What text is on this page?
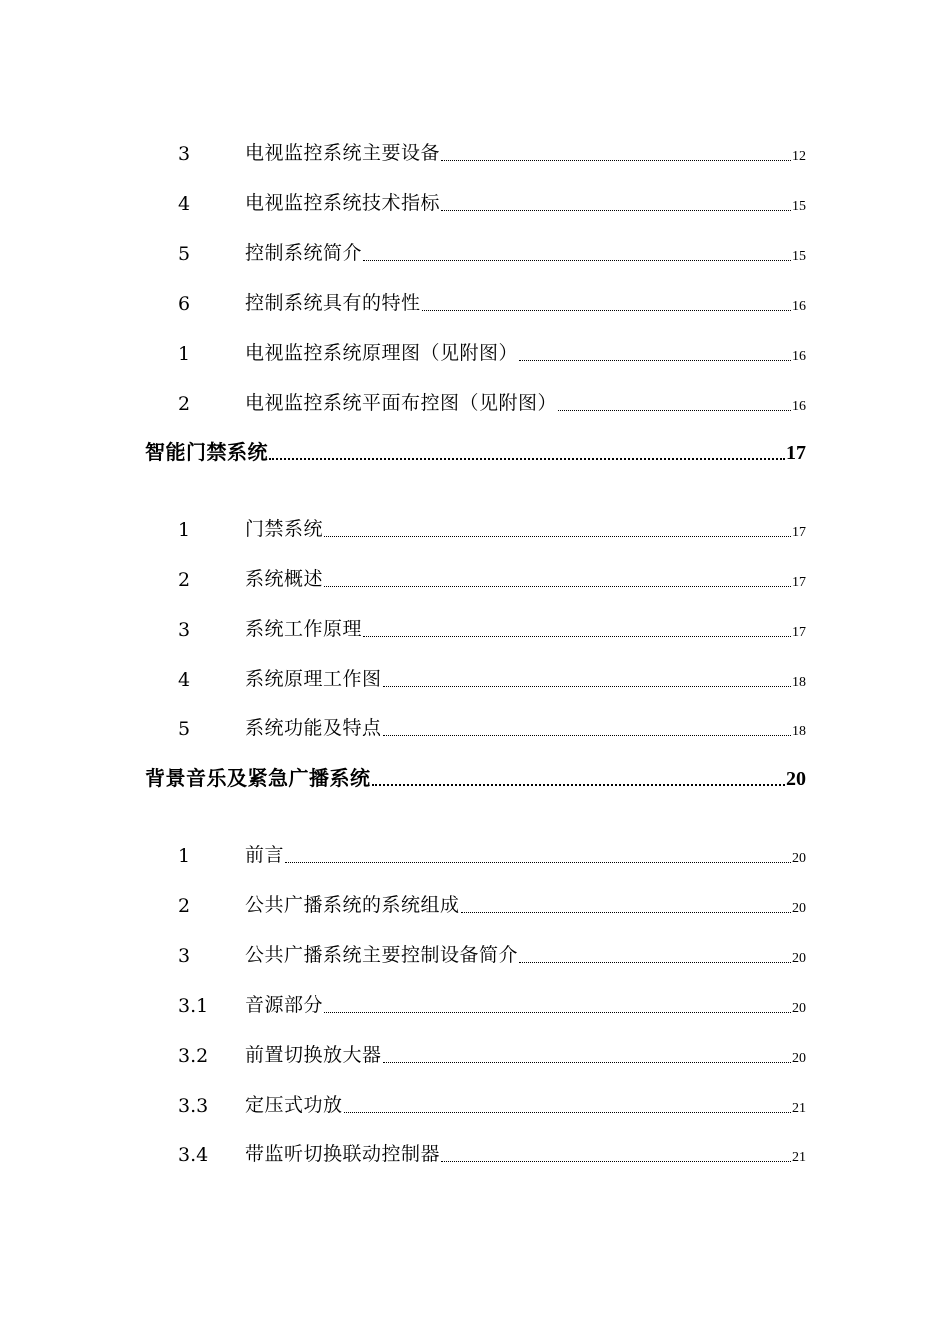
3	电视监控系统主要设备	12
4	电视监控系统技术指标	15
5	控制系统简介	15
6	控制系统具有的特性	16
1	电视监控系统原理图（见附图）	16
2	电视监控系统平面布控图（见附图）	16
智能门禁系统	17
1	门禁系统	17
2	系统概述	17
3	系统工作原理	17
4	系统原理工作图	18
5	系统功能及特点	18
背景音乐及紧急广播系统	20
1	前言	20
2	公共广播系统的系统组成	20
3	公共广播系统主要控制设备简介	20
3.1	音源部分	20
3.2	前置切换放大器	20
3.3	定压式功放	21
3.4	带监听切换联动控制器	21
